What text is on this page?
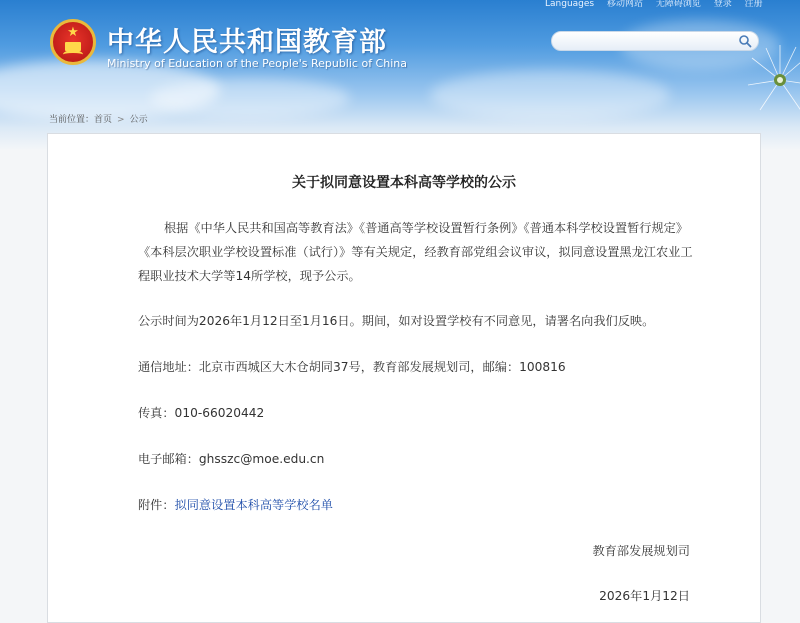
Languages 移动网站 无障碍浏览 登录 注册
★	中华人民共和国教育部
Ministry of Education of the People's Republic of China
当前位置：首页 > 公示
关于拟同意设置本科高等学校的公示
根据《中华人民共和国高等教育法》《普通高等学校设置暂行条例》《普通本科学校设置暂行规定》《本科层次职业学校设置标准（试行）》等有关规定，经教育部党组会议审议，拟同意设置黑龙江农业工程职业技术大学等14所学校，现予公示。
公示时间为2026年1月12日至1月16日。期间，如对设置学校有不同意见，请署名向我们反映。
通信地址：北京市西城区大木仓胡同37号，教育部发展规划司，邮编：100816
传真：010-66020442
电子邮箱：ghsszc@moe.edu.cn
附件：拟同意设置本科高等学校名单
教育部发展规划司
2026年1月12日
